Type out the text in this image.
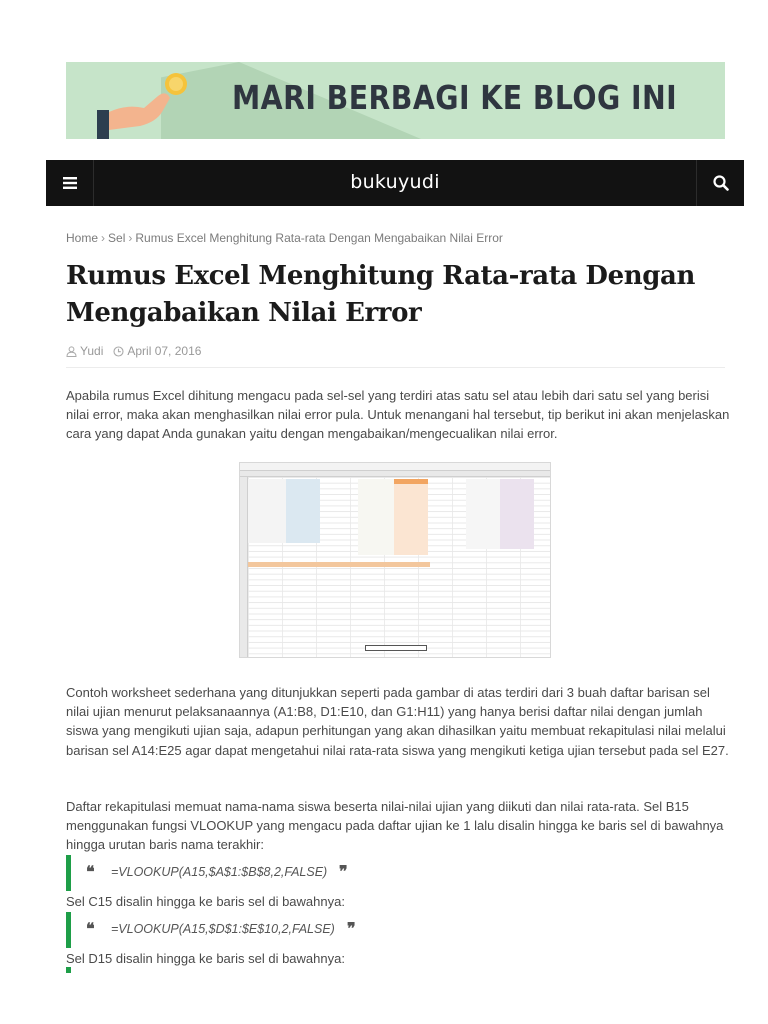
MARI BERBAGI KE BLOG INI
bukuyudi
Home › Sel › Rumus Excel Menghitung Rata-rata Dengan Mengabaikan Nilai Error
Rumus Excel Menghitung Rata-rata Dengan
Mengabaikan Nilai Error
Yudi April 07, 2016

Apabila rumus Excel dihitung mengacu pada sel-sel yang terdiri atas satu sel atau lebih dari satu sel yang berisi nilai error, maka akan menghasilkan nilai error pula. Untuk menangani hal tersebut, tip berikut ini akan menjelaskan cara yang dapat Anda gunakan yaitu dengan mengabaikan/mengecualikan nilai error.

Contoh worksheet sederhana yang ditunjukkan seperti pada gambar di atas terdiri dari 3 buah daftar barisan sel nilai ujian menurut pelaksanaannya (A1:B8, D1:E10, dan G1:H11) yang hanya berisi daftar nilai dengan jumlah siswa yang mengikuti ujian saja, adapun perhitungan yang akan dihasilkan yaitu membuat rekapitulasi nilai melalui barisan sel A14:E25 agar dapat mengetahui nilai rata-rata siswa yang mengikuti ketiga ujian tersebut pada sel E27.

Daftar rekapitulasi memuat nama-nama siswa beserta nilai-nilai ujian yang diikuti dan nilai rata-rata. Sel B15 menggunakan fungsi VLOOKUP yang mengacu pada daftar ujian ke 1 lalu disalin hingga ke baris sel di bawahnya hingga urutan baris nama terakhir:

❝ =VLOOKUP(A15,$A$1:$B$8,2,FALSE) ❞

Sel C15 disalin hingga ke baris sel di bawahnya:

❝ =VLOOKUP(A15,$D$1:$E$10,2,FALSE) ❞

Sel D15 disalin hingga ke baris sel di bawahnya:
